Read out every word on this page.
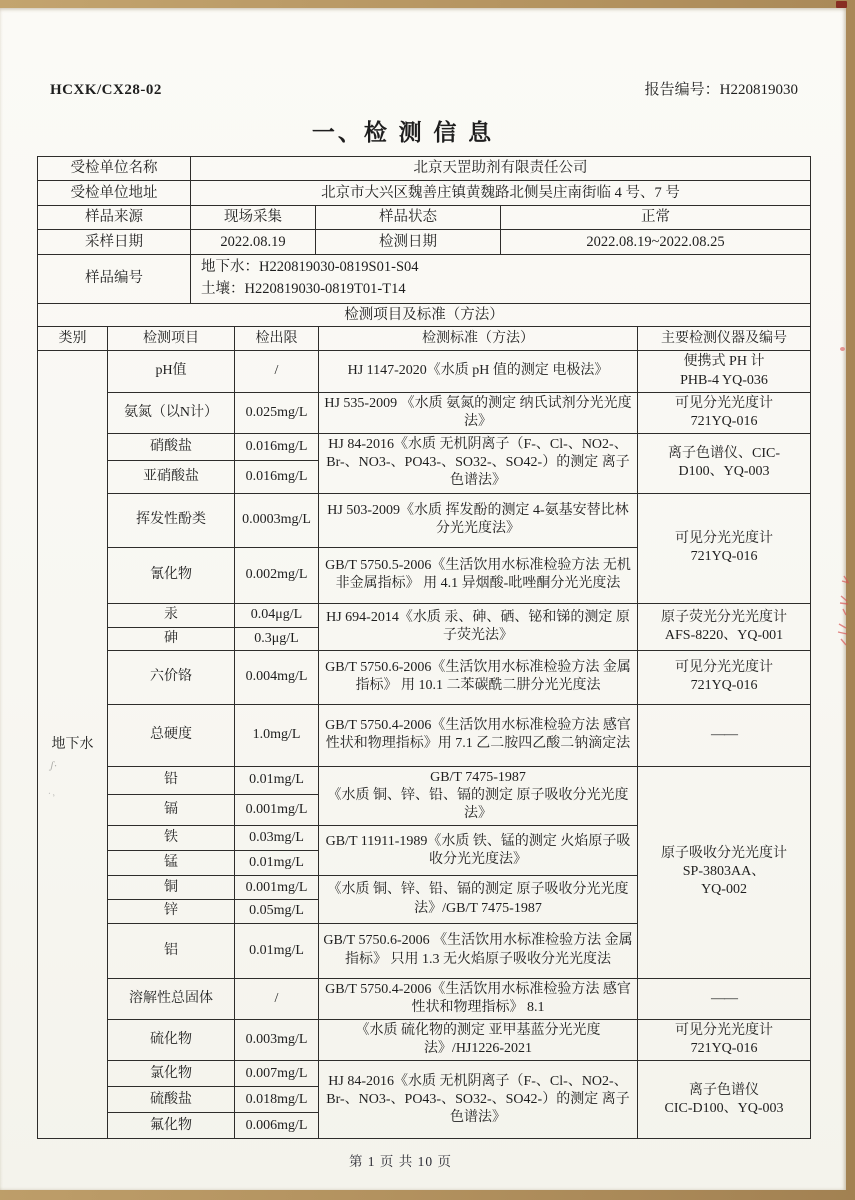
HCXK/CX28-02	报告编号：H220819030
一、检 测 信 息
受检单位名称	北京天罡助剂有限责任公司		
受检单位地址	北京市大兴区魏善庄镇黄魏路北侧吴庄南街临 4 号、7 号		
样品来源	现场采集	样品状态	正常
采样日期	2022.08.19	检测日期	2022.08.19~2022.08.25
样品编号	地下水：H220819030-0819S01-S04
土壤：H220819030-0819T01-T14		
检测项目及标准（方法）				
类别	检测项目	检出限	检测标准（方法）	主要检测仪器及编号
地下水	pH值	/	HJ 1147-2020《水质 pH 值的测定 电极法》	便携式 PH 计
PHB-4 YQ-036

	氨氮（以N计）	0.025mg/L	HJ 535-2009 《水质 氨氮的测定 纳氏试剂分光光度法》	可见分光光度计
721YQ-016

	硝酸盐	0.016mg/L	HJ 84-2016《水质 无机阴离子（F-、Cl-、NO2-、Br-、NO3-、PO43-、SO32-、SO42-）的测定 离子色谱法》	离子色谱仪、CIC-
D100、YQ-003

	亚硝酸盐	0.016mg/L		
	挥发性酚类	0.0003mg/L	HJ 503-2009《水质 挥发酚的测定 4-氨基安替比林分光光度法》	可见分光光度计
721YQ-016

	氰化物	0.002mg/L	GB/T 5750.5-2006《生活饮用水标准检验方法 无机非金属指标》 用 4.1 异烟酸-吡唑酮分光光度法	
	汞	0.04μg/L	HJ 694-2014《水质 汞、砷、硒、铋和锑的测定 原子荧光法》	原子荧光分光光度计
AFS-8220、YQ-001

	砷	0.3μg/L		
	六价铬	0.004mg/L	GB/T 5750.6-2006《生活饮用水标准检验方法 金属指标》 用 10.1 二苯碳酰二肼分光光度法	可见分光光度计
721YQ-016

	总硬度	1.0mg/L	GB/T 5750.4-2006《生活饮用水标准检验方法 感官性状和物理指标》用 7.1 乙二胺四乙酸二钠滴定法	——
	铅	0.01mg/L	GB/T 7475-1987
《水质 铜、锌、铅、镉的测定 原子吸收分光光度法》	原子吸收分光光度计
SP-3803AA、
YQ-002

	镉	0.001mg/L		
	铁	0.03mg/L	GB/T 11911-1989《水质 铁、锰的测定 火焰原子吸收分光光度法》	
	锰	0.01mg/L		
	铜	0.001mg/L	《水质 铜、锌、铅、镉的测定 原子吸收分光光度法》/GB/T 7475-1987	
	锌	0.05mg/L		
	铝	0.01mg/L	GB/T 5750.6-2006 《生活饮用水标准检验方法 金属指标》 只用 1.3 无火焰原子吸收分光光度法	
	溶解性总固体	/	GB/T 5750.4-2006《生活饮用水标准检验方法 感官性状和物理指标》 8.1	——
	硫化物	0.003mg/L	《水质 硫化物的测定 亚甲基蓝分光光度法》/HJ1226-2021	可见分光光度计
721YQ-016

	氯化物	0.007mg/L	HJ 84-2016《水质 无机阴离子（F-、Cl-、NO2-、Br-、NO3-、PO43-、SO32-、SO42-）的测定 离子色谱法》	离子色谱仪
CIC-D100、YQ-003

	硫酸盐	0.018mg/L		
	氟化物	0.006mg/L		
第 1 页 共 10 页
ʃ·
·‚
